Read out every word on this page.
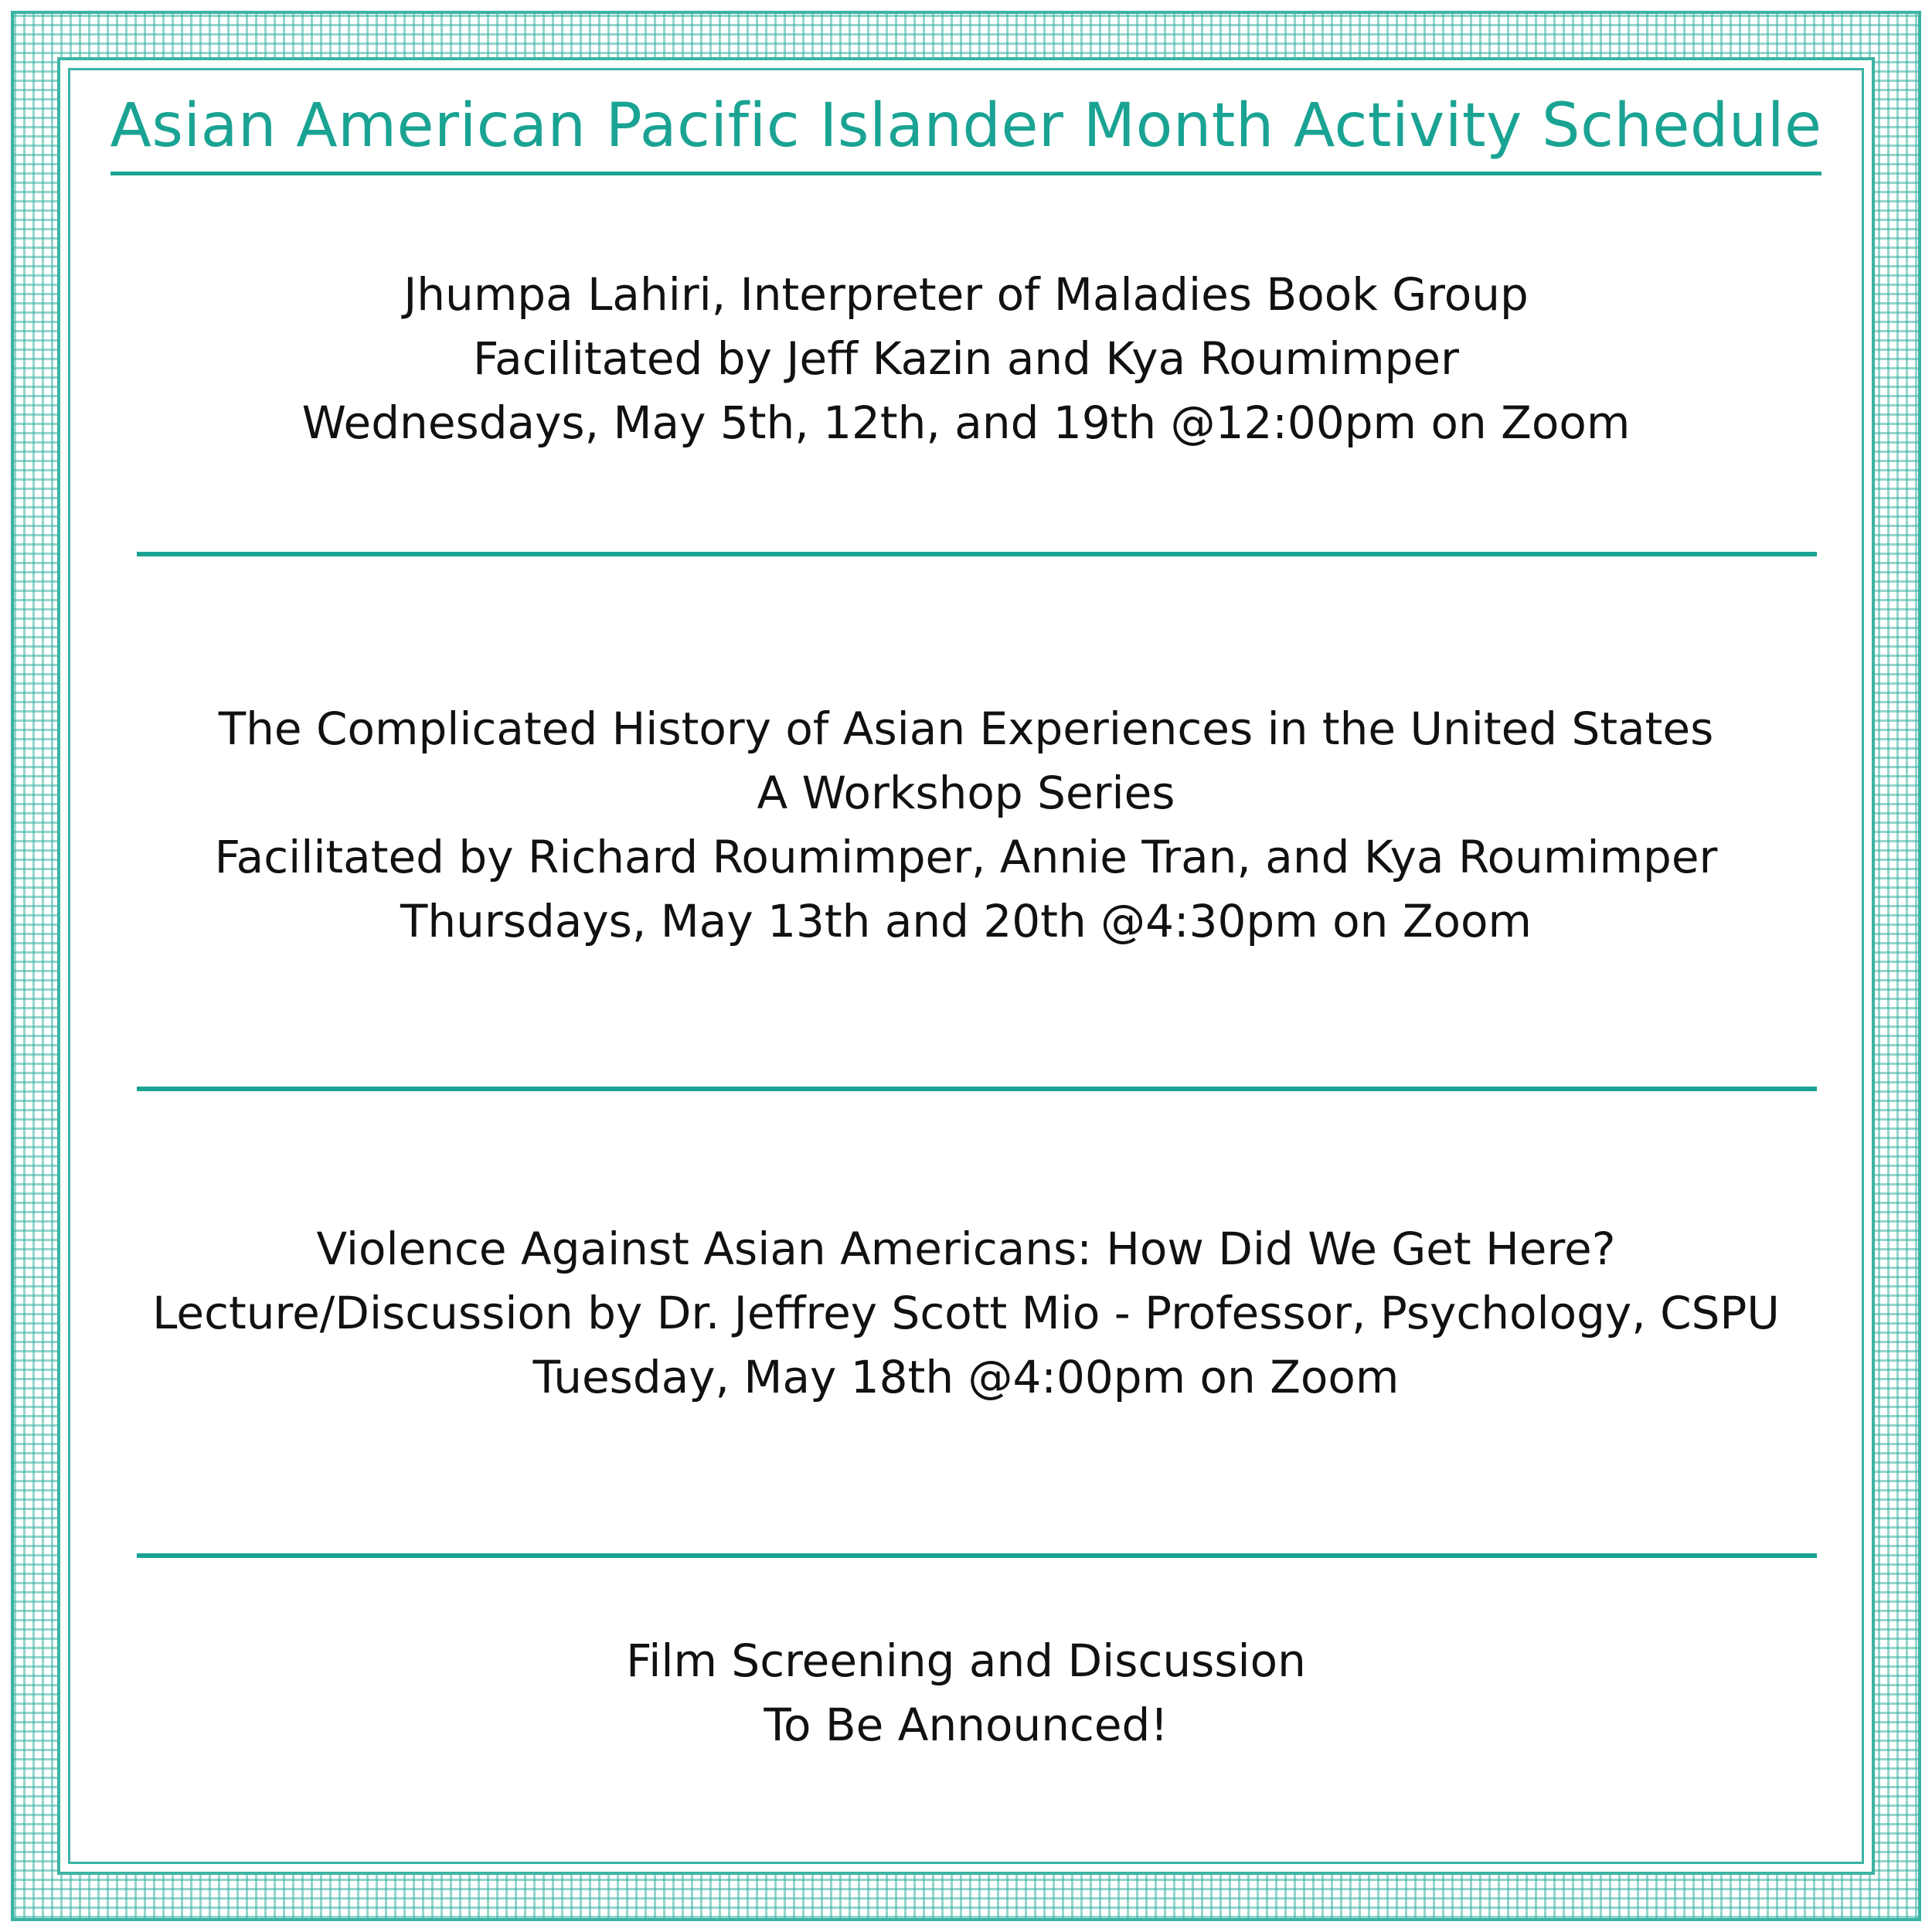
Asian American Pacific Islander Month Activity Schedule
Jhumpa Lahiri, Interpreter of Maladies Book Group
Facilitated by Jeff Kazin and Kya Roumimper
Wednesdays, May 5th, 12th, and 19th @12:00pm on Zoom
The Complicated History of Asian Experiences in the United States
A Workshop Series
Facilitated by Richard Roumimper, Annie Tran, and Kya Roumimper
Thursdays, May 13th and 20th @4:30pm on Zoom
Violence Against Asian Americans: How Did We Get Here?
Lecture/Discussion by Dr. Jeffrey Scott Mio - Professor, Psychology, CSPU
Tuesday, May 18th @4:00pm on Zoom
Film Screening and Discussion
To Be Announced!
